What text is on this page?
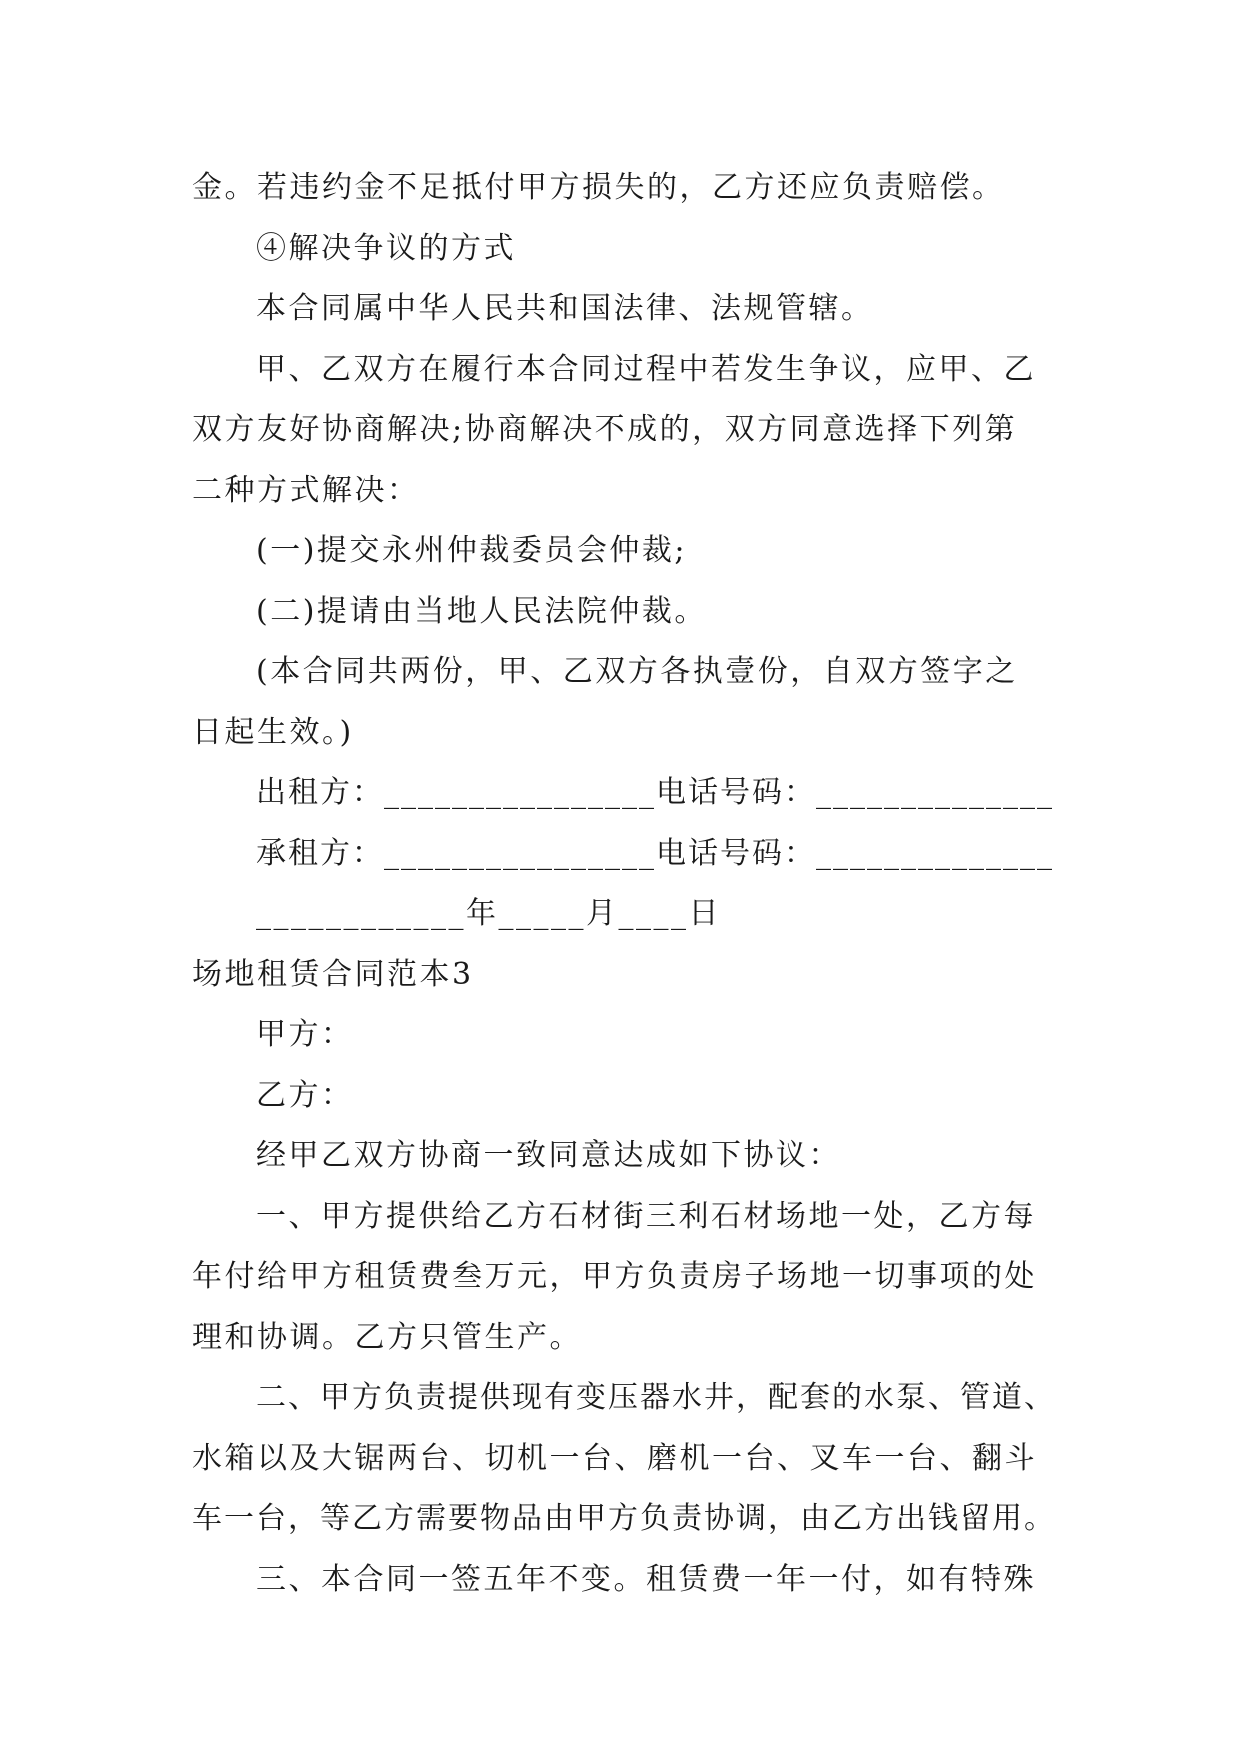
金。若违约金不足抵付甲方损失的，乙方还应负责赔偿。
④解决争议的方式
本合同属中华人民共和国法律、法规管辖。
甲、乙双方在履行本合同过程中若发生争议，应甲、乙
双方友好协商解决;协商解决不成的，双方同意选择下列第
二种方式解决：
(一)提交永州仲裁委员会仲裁;
(二)提请由当地人民法院仲裁。
(本合同共两份，甲、乙双方各执壹份，自双方签字之
日起生效。)
出租方：________________电话号码：______________
承租方：________________电话号码：______________
____________年_____月____日
场地租赁合同范本3
甲方：
乙方：
经甲乙双方协商一致同意达成如下协议：
一、甲方提供给乙方石材街三利石材场地一处，乙方每
年付给甲方租赁费叁万元，甲方负责房子场地一切事项的处
理和协调。乙方只管生产。
二、甲方负责提供现有变压器水井，配套的水泵、管道、
水箱以及大锯两台、切机一台、磨机一台、叉车一台、翻斗
车一台，等乙方需要物品由甲方负责协调，由乙方出钱留用。
三、本合同一签五年不变。租赁费一年一付，如有特殊
